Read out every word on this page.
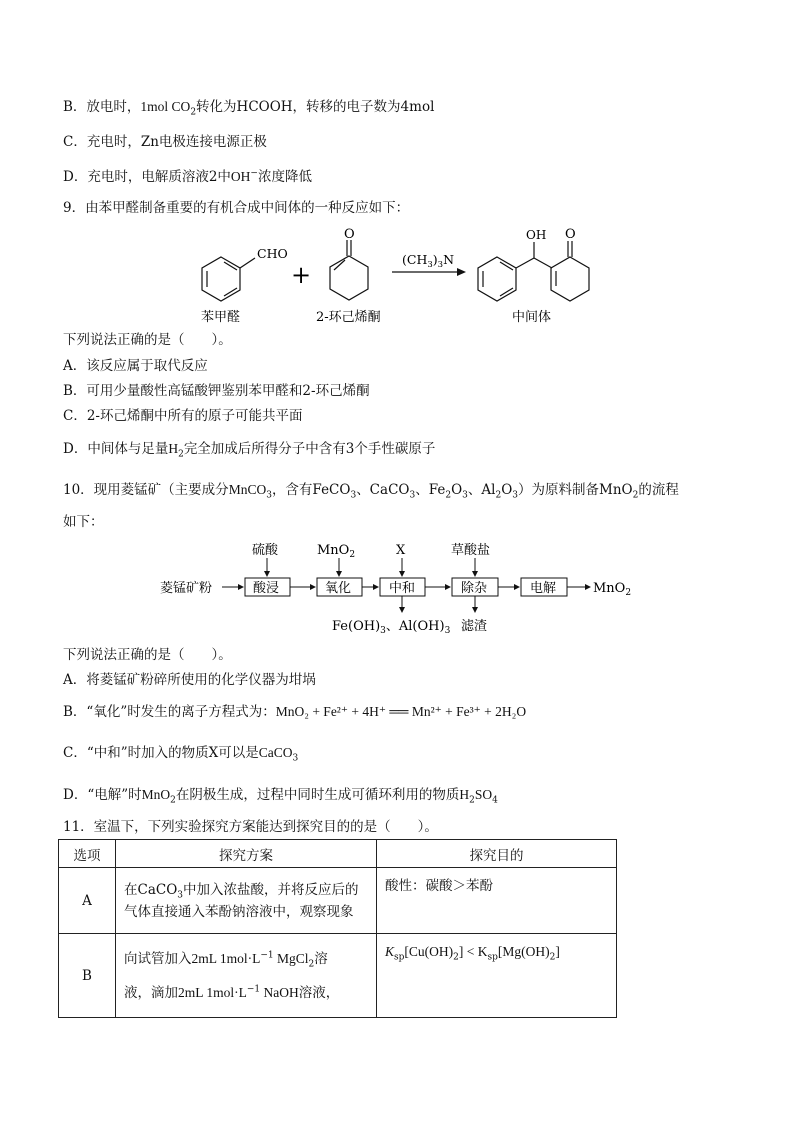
B．放电时，1mol $CO_2$转化为HCOOH，转移的电子数为4mol
C．充电时，Zn电极连接电源正极
D．充电时，电解质溶液2中OH−浓度降低
9．由苯甲醛制备重要的有机合成中间体的一种反应如下：
CHO
+
O
$(CH_3)_3N$
OH O
苯甲醛	2-环己烯酮	中间体
下列说法正确的是（　　）。
A．该反应属于取代反应
B．可用少量酸性高锰酸钾鉴别苯甲醛和2-环己烯酮
C．2-环己烯酮中所有的原子可能共平面
D．中间体与足量$H_2$完全加成后所得分子中含有3个手性碳原子
10．现用菱锰矿（主要成分MnCO$_3$，含有FeCO$_3$、CaCO$_3$、$Fe_2O_3$、$Al_2O_3$）为原料制备MnO$_2$的流程
如下：
菱锰矿粉	酸浸	氧化	中和	除杂	电解
硫酸	MnO$_2$	X	草酸盐
MnO$_2$
$Fe(OH)_3$、$Al(OH)_3$ 滤渣
下列说法正确的是（　　）。
A．将菱锰矿粉碎所使用的化学仪器为坩埚
B．“氧化”时发生的离子方程式为：MnO₂ + Fe²⁺ + 4H⁺ ══ Mn²⁺ + Fe³⁺ + 2H₂O
C．“中和”时加入的物质X可以是CaCO$_3$
D．“电解”时MnO$_2$在阴极生成，过程中同时生成可循环利用的物质$H_2SO_4$
11．室温下，下列实验探究方案能达到探究目的的是（　　）。
选项	探究方案	探究目的
A	在CaCO$_3$中加入浓盐酸，并将反应后的
气体直接通入苯酚钠溶液中，观察现象	酸性：碳酸＞苯酚
B	向试管加入2mL $1mol\cdot L^{-1}$ MgCl$_2$溶
液，滴加2mL $1mol\cdot L^{-1}$ NaOH溶液，	$K_{sp}[Cu(OH)_2] < K_{sp}[Mg(OH)_2]$
